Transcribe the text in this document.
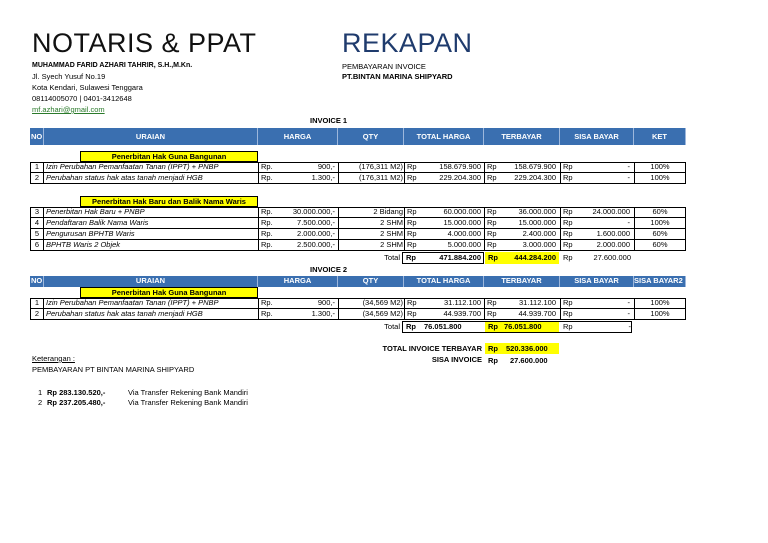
NOTARIS & PPAT	REKAPAN
MUHAMMAD FARID AZHARI TAHRIR, S.H.,M.Kn.
Jl. Syech Yusuf No.19
Kota Kendari, Sulawesi Tenggara
08114005070 | 0401-3412648
mf.azhari@gmail.com
PEMBAYARAN INVOICE
PT.BINTAN MARINA SHIPYARD
INVOICE 1
NO	URAIAN	HARGA	QTY	TOTAL HARGA	TERBAYAR	SISA BAYAR	KET
Penerbitan Hak Guna Bangunan
1 Izin Perubahan Pemanfaatan Tanan (IPPT) + PNBP	Rp.	900,-	(176,311 M2) Rp	158.679.900 Rp	158.679.900 Rp	-	100%
2 Perubahan status hak atas tanah menjadi HGB	Rp.	1.300,-	(176,311 M2) Rp	229.204.300 Rp	229.204.300 Rp	-	100%
Penerbitan Hak Baru dan Balik Nama Waris
3 Penerbitan Hak Baru + PNBP	Rp.	30.000.000,-	2 Bidang Rp	60.000.000 Rp	36.000.000 Rp	24.000.000	60%
4 Pendaftaran Balik Nama Waris	Rp.	7.500.000,-	2 SHM Rp	15.000.000 Rp	15.000.000 Rp	-	100%
5 Pengurusan BPHTB Waris	Rp.	2.000.000,-	2 SHM Rp	4.000.000 Rp	2.400.000 Rp	1.600.000	60%
6 BPHTB Waris 2 Objek	Rp.	2.500.000,-	2 SHM Rp	5.000.000 Rp	3.000.000 Rp	2.000.000	60%
Total Rp	471.884.200 Rp	444.284.200 Rp	27.600.000
INVOICE 2
NO	URAIAN	HARGA	QTY	TOTAL HARGA	TERBAYAR	SISA BAYAR	SISA BAYAR2
Penerbitan Hak Guna Bangunan
1 Izin Perubahan Pemanfaatan Tanan (IPPT) + PNBP	Rp.	900,-	(34,569 M2) Rp	31.112.100 Rp	31.112.100 Rp	-	100%
2 Perubahan status hak atas tanah menjadi HGB	Rp.	1.300,-	(34,569 M2) Rp	44.939.700 Rp	44.939.700 Rp	-	100%
Total Rp	76.051.800	Rp 76.051.800	Rp	-
TOTAL INVOICE TERBAYAR Rp	520.336.000
SISA INVOICE Rp	27.600.000
Keterangan :
PEMBAYARAN PT BINTAN MARINA SHIPYARD
1 Rp 283.130.520,-	Via Transfer Rekening Bank Mandiri
2 Rp 237.205.480,-	Via Transfer Rekening Bank Mandiri
